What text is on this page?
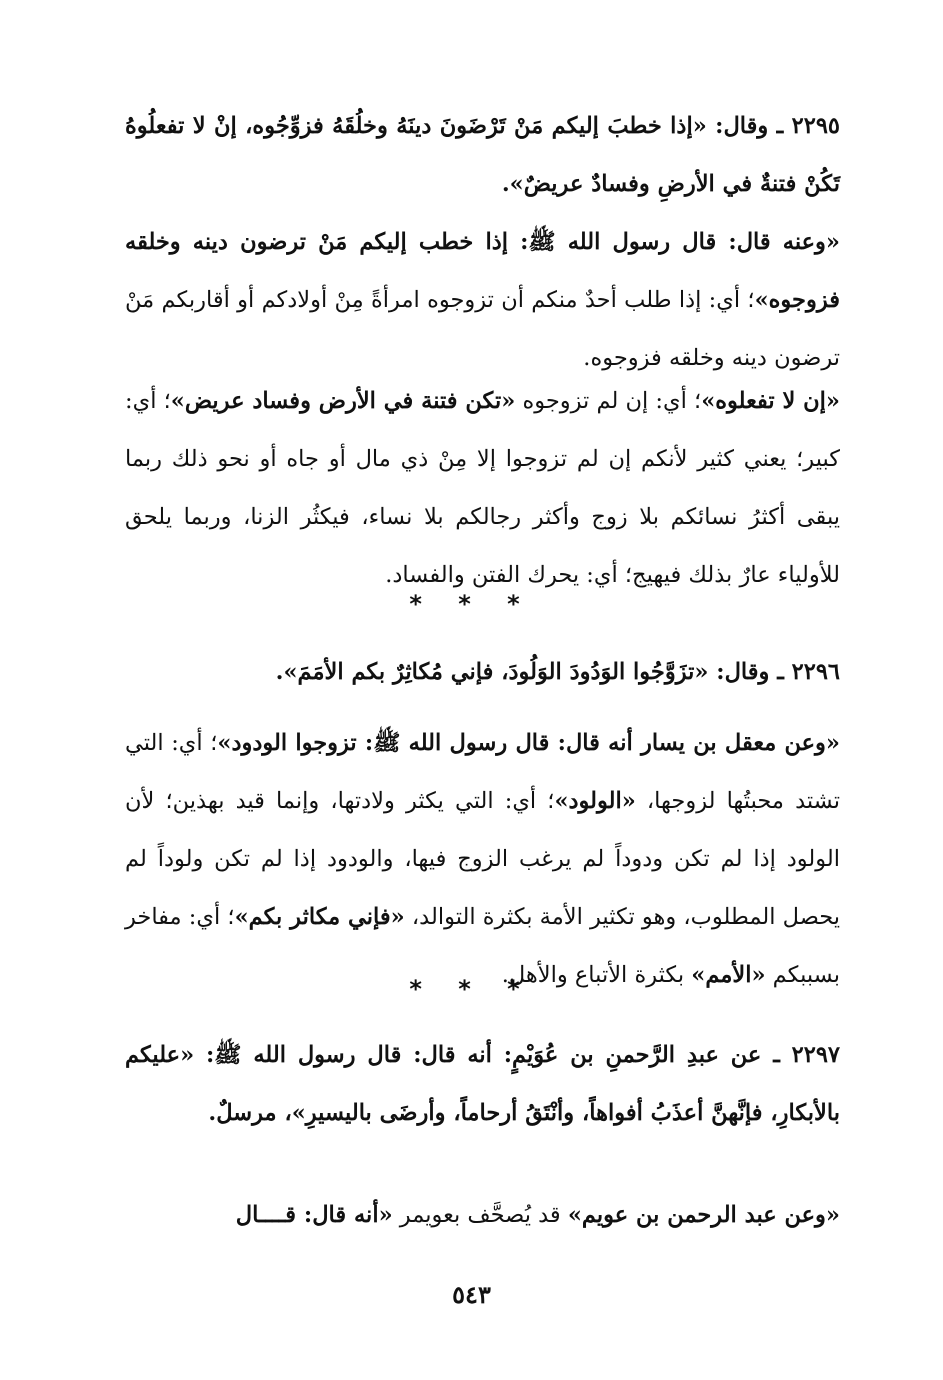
٢٢٩٥ ـ وقال: «إذا خطبَ إليكم مَنْ تَرْضَونَ دينَهُ وخلُقَهُ فزوِّجُوه، إنْ لا تفعلُوهُ تَكُنْ فتنةٌ في الأرضِ وفسادٌ عريضٌ».

«وعنه قال: قال رسول الله ﷺ: إذا خطب إليكم مَنْ ترضون دينه وخلقه فزوجوه»؛ أي: إذا طلب أحدٌ منكم أن تزوجوه امرأةً مِنْ أولادكم أو أقاربكم مَنْ ترضون دينه وخلقه فزوجوه.

«إن لا تفعلوه»؛ أي: إن لم تزوجوه «تكن فتنة في الأرض وفساد عريض»؛ أي: كبير؛ يعني كثير لأنكم إن لم تزوجوا إلا مِنْ ذي مال أو جاه أو نحو ذلك ربما يبقى أكثرُ نسائكم بلا زوج وأكثر رجالكم بلا نساء، فيكثُر الزنا، وربما يلحق للأولياء عارٌ بذلك فيهيج؛ أي: يحرك الفتن والفساد.

* * *

٢٢٩٦ ـ وقال: «تزَوَّجُوا الوَدُودَ الوَلُودَ، فإني مُكاثِرٌ بكم الأمَمَ».

«وعن معقل بن يسار أنه قال: قال رسول الله ﷺ: تزوجوا الودود»؛ أي: التي تشتد محبتُها لزوجها، «الولود»؛ أي: التي يكثر ولادتها، وإنما قيد بهذين؛ لأن الولود إذا لم تكن ودوداً لم يرغب الزوج فيها، والودود إذا لم تكن ولوداً لم يحصل المطلوب، وهو تكثير الأمة بكثرة التوالد، «فإني مكاثر بكم»؛ أي: مفاخر بسببكم «الأمم» بكثرة الأتباع والأهل.

* * *

٢٢٩٧ ـ عن عبدِ الرَّحمنِ بن عُوَيْمٍ: أنه قال: قال رسول الله ﷺ: «عليكم بالأبكارِ، فإنَّهنَّ أعذَبُ أفواهاً، وأنْتَقُ أرحاماً، وأرضَى باليسيرِ»، مرسلٌ.

«وعن عبد الرحمن بن عويم» قد يُصحَّف بعويمر «أنه قال: قــــال

٥٤٣
